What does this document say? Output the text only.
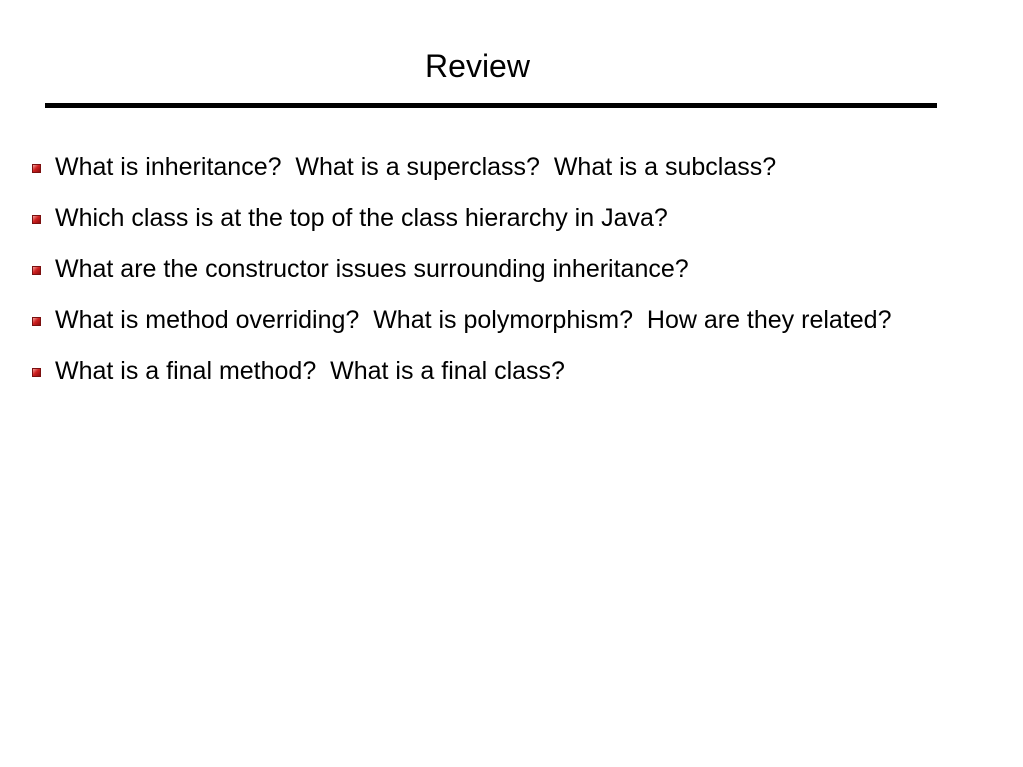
Review
What is inheritance?  What is a superclass?  What is a subclass?
Which class is at the top of the class hierarchy in Java?
What are the constructor issues surrounding inheritance?
What is method overriding?  What is polymorphism?  How are they related?
What is a final method?  What is a final class?
